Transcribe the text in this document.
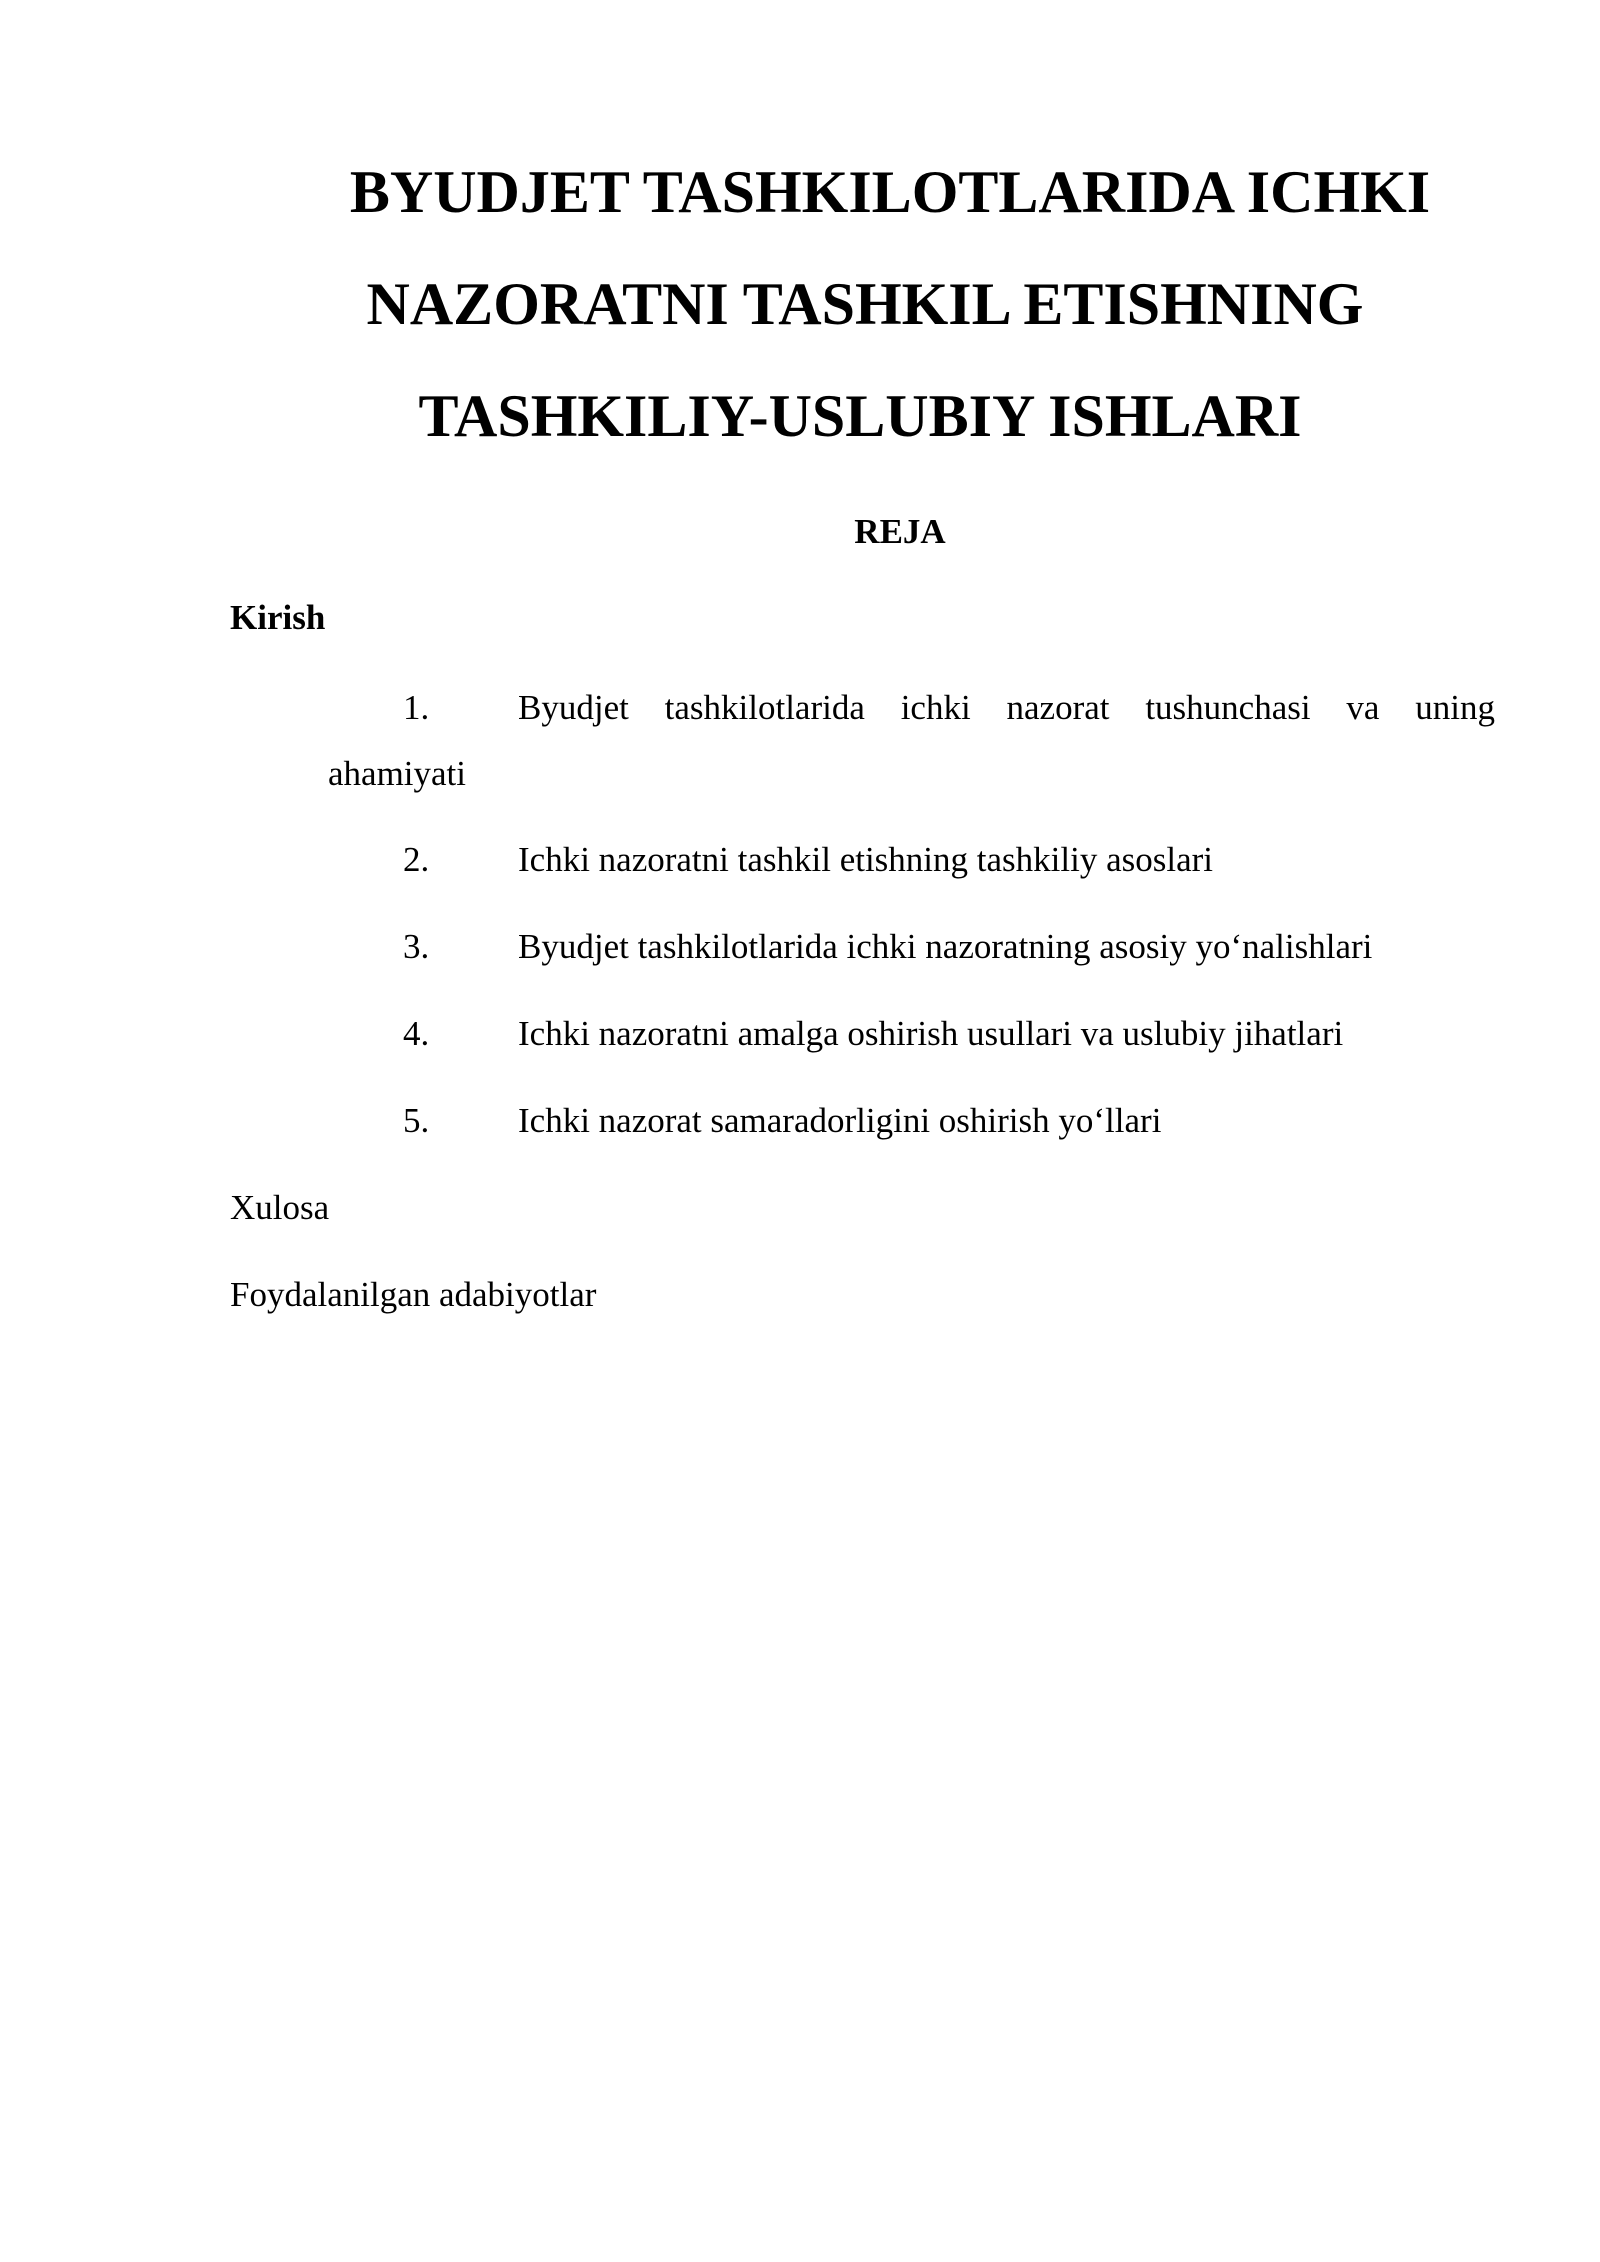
BYUDJET TASHKILOTLARIDA ICHKI
NAZORATNI TASHKIL ETISHNING
TASHKILIY-USLUBIY ISHLARI
REJA
Kirish
1.	Byudjet tashkilotlarida ichki nazorat tushunchasi va uning
ahamiyati
2.	Ichki nazoratni tashkil etishning tashkiliy asoslari
3.	Byudjet tashkilotlarida ichki nazoratning asosiy yo‘nalishlari
4.	Ichki nazoratni amalga oshirish usullari va uslubiy jihatlari
5.	Ichki nazorat samaradorligini oshirish yo‘llari
Xulosa
Foydalanilgan adabiyotlar
